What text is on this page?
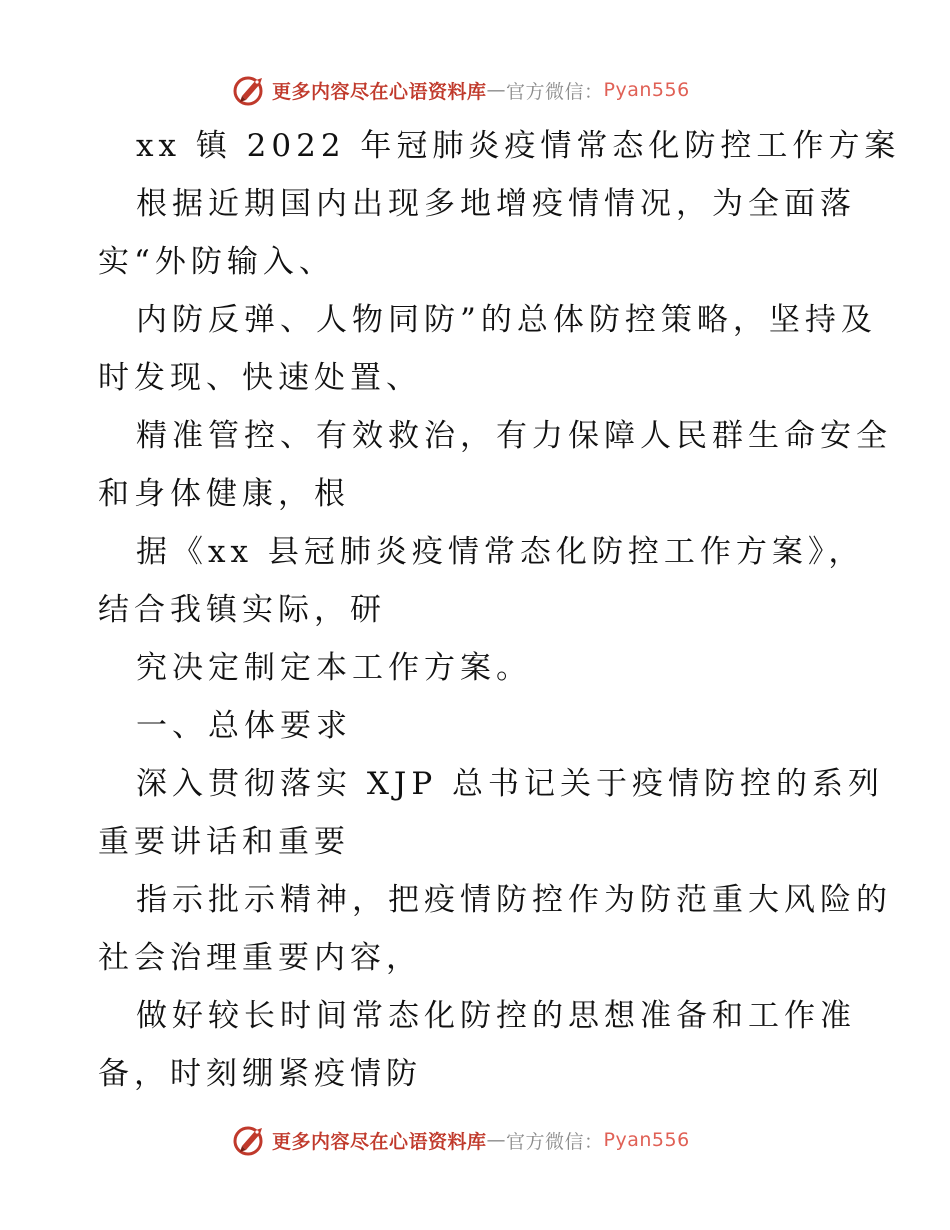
更多内容尽在心语资料库 — 官方微信： Pyan556
xx 镇 2022 年冠肺炎疫情常态化防控工作方案
根据近期国内出现多地增疫情情况，为全面落
实“外防输入、
内防反弹、人物同防”的总体防控策略，坚持及
时发现、快速处置、
精准管控、有效救治，有力保障人民群生命安全
和身体健康，根
据《xx 县冠肺炎疫情常态化防控工作方案》，
结合我镇实际，研
究决定制定本工作方案。
一、总体要求
深入贯彻落实 XJP 总书记关于疫情防控的系列
重要讲话和重要
指示批示精神，把疫情防控作为防范重大风险的
社会治理重要内容，
做好较长时间常态化防控的思想准备和工作准
备，时刻绷紧疫情防
更多内容尽在心语资料库 — 官方微信： Pyan556
